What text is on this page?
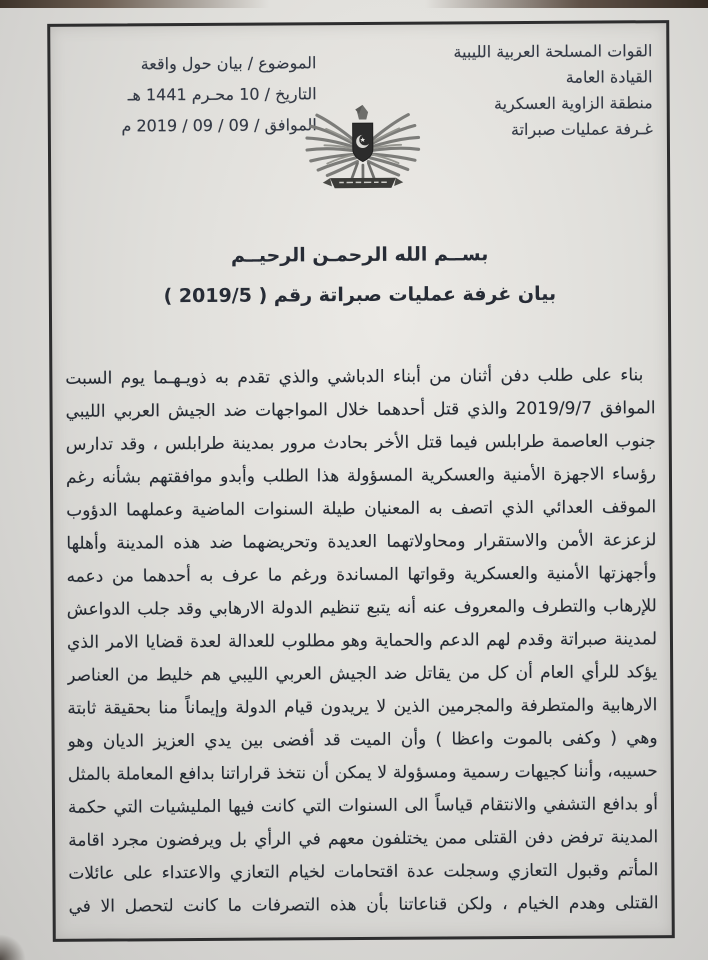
القوات المسلحة العربية الليبية
القيادة العامة
منطقة الزاوية العسكرية
غـرفة عمليات صبراتة
الموضوع / بيان حول واقعة
التاريخ / 10 محـرم 1441 هـ
الموافق / 09 / 09 / 2019 م
بســم الله الرحمـن الرحيــم
بيان غرفة عمليات صبراتة رقم ( 2019/5 )
بناء على طلب دفن أثنان من أبناء الدباشي والذي تقدم به ذويـهـما يوم السبت
الموافق 2019/9/7 والذي قتل أحدهما خلال المواجهات ضد الجيش العربي الليبي
جنوب العاصمة طرابلس فيما قتل الأخر بحادث مرور بمدينة طرابلس ، وقد تدارس
رؤساء الاجهزة الأمنية والعسكرية المسؤولة هذا الطلب وأبدو موافقتهم بشأنه رغم
الموقف العدائي الذي اتصف به المعنيان طيلة السنوات الماضية وعملهما الدؤوب
لزعزعة الأمن والاستقرار ومحاولاتهما العديدة وتحريضهما ضد هذه المدينة وأهلها
وأجهزتها الأمنية والعسكرية وقواتها المساندة ورغم ما عرف به أحدهما من دعمه
للإرهاب والتطرف والمعروف عنه أنه يتبع تنظيم الدولة الارهابي وقد جلب الدواعش
لمدينة صبراتة وقدم لهم الدعم والحماية وهو مطلوب للعدالة لعدة قضايا الامر الذي
يؤكد للرأي العام أن كل من يقاتل ضد الجيش العربي الليبي هم خليط من العناصر
الارهابية والمتطرفة والمجرمين الذين لا يريدون قيام الدولة وإيماناً منا بحقيقة ثابتة
وهي ( وكفى بالموت واعظا ) وأن الميت قد أفضى بين يدي العزيز الديان وهو
حسيبه، وأننا كجيهات رسمية ومسؤولة لا يمكن أن نتخذ قراراتنا بدافع المعاملة بالمثل
أو بدافع التشفي والانتقام قياساً الى السنوات التي كانت فيها المليشيات التي حكمة
المدينة ترفض دفن القتلى ممن يختلفون معهم في الرأي بل ويرفضون مجرد اقامة
المأتم وقبول التعازي وسجلت عدة اقتحامات لخيام التعازي والاعتداء على عائلات
القتلى وهدم الخيام ، ولكن قناعاتنا بأن هذه التصرفات ما كانت لتحصل الا في
